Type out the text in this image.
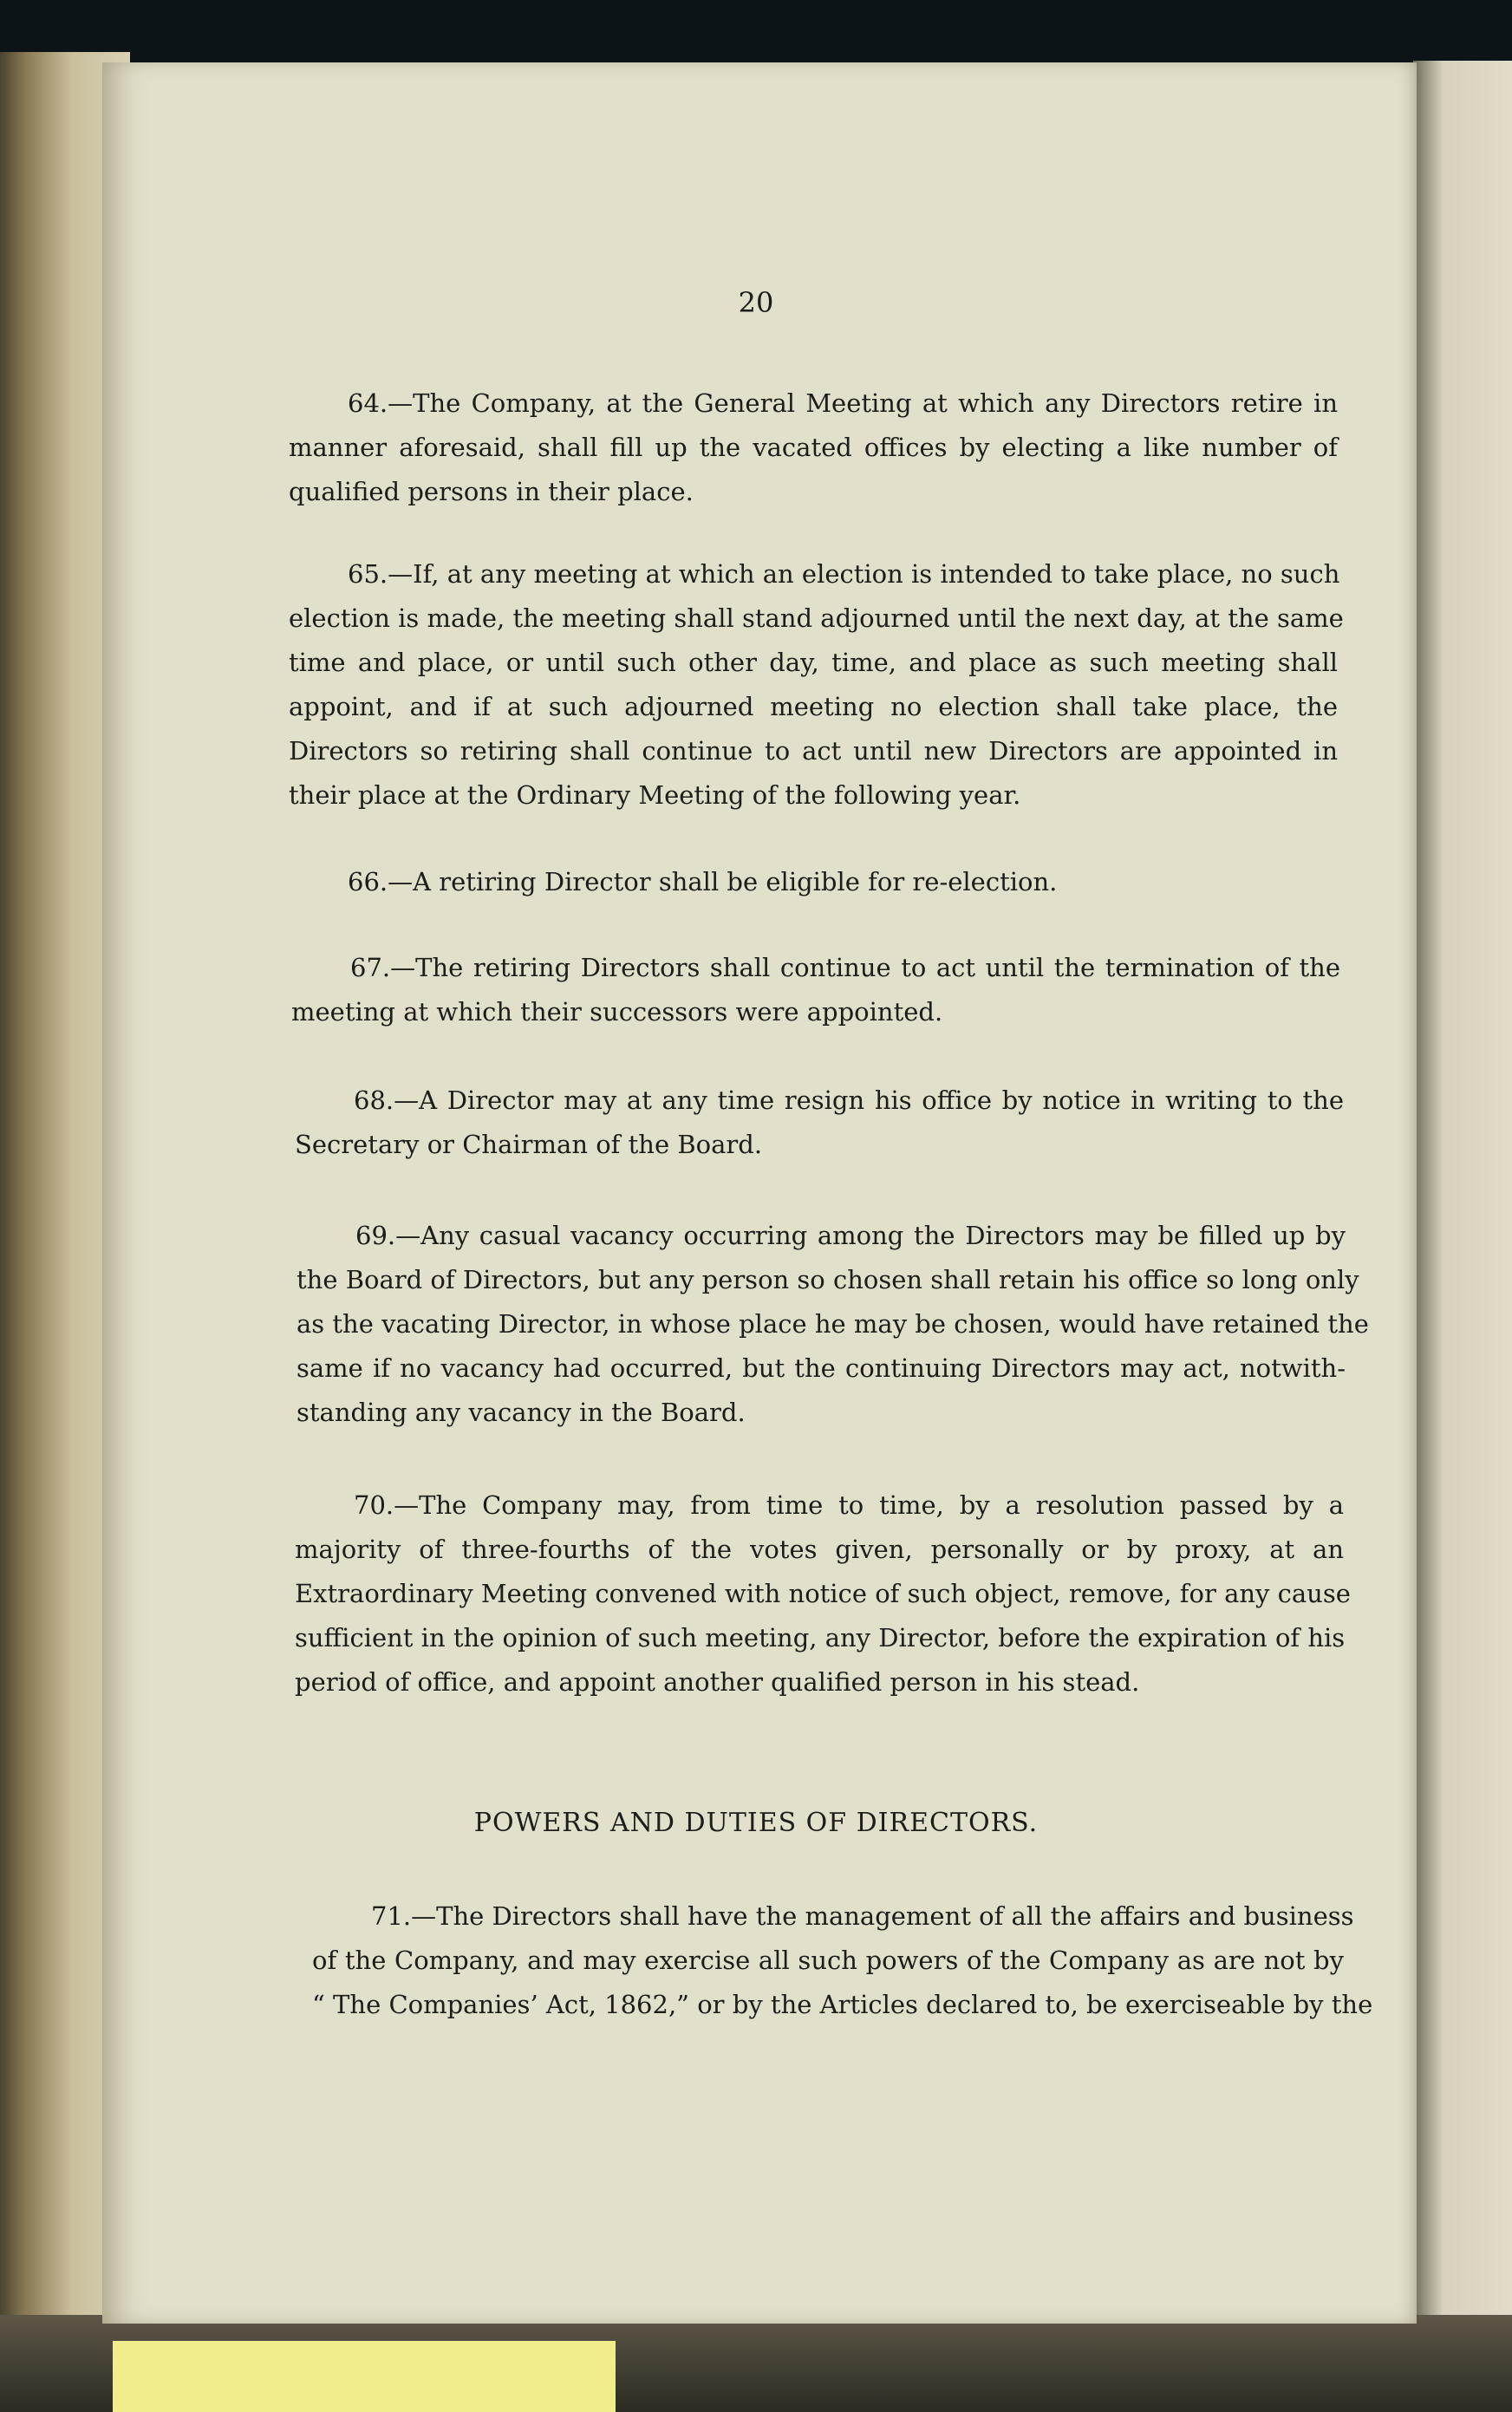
20
64.—The Company, at the General Meeting at which any Directors retire in
manner aforesaid, shall fill up the vacated offices by electing a like number of
qualified persons in their place.
65.—If, at any meeting at which an election is intended to take place, no such
election is made, the meeting shall stand adjourned until the next day, at the same
time and place, or until such other day, time, and place as such meeting shall
appoint, and if at such adjourned meeting no election shall take place, the
Directors so retiring shall continue to act until new Directors are appointed in
their place at the Ordinary Meeting of the following year.
66.—A retiring Director shall be eligible for re-election.
67.—The retiring Directors shall continue to act until the termination of the
meeting at which their successors were appointed.
68.—A Director may at any time resign his office by notice in writing to the
Secretary or Chairman of the Board.
69.—Any casual vacancy occurring among the Directors may be filled up by
the Board of Directors, but any person so chosen shall retain his office so long only
as the vacating Director, in whose place he may be chosen, would have retained the
same if no vacancy had occurred, but the continuing Directors may act, notwith-
standing any vacancy in the Board.
70.—The Company may, from time to time, by a resolution passed by a
majority of three-fourths of the votes given, personally or by proxy, at an
Extraordinary Meeting convened with notice of such object, remove, for any cause
sufficient in the opinion of such meeting, any Director, before the expiration of his
period of office, and appoint another qualified person in his stead.
71.—The Directors shall have the management of all the affairs and business
of the Company, and may exercise all such powers of the Company as are not by
“ The Companies’ Act, 1862,” or by the Articles declared to, be exerciseable by the
POWERS AND DUTIES OF DIRECTORS.
